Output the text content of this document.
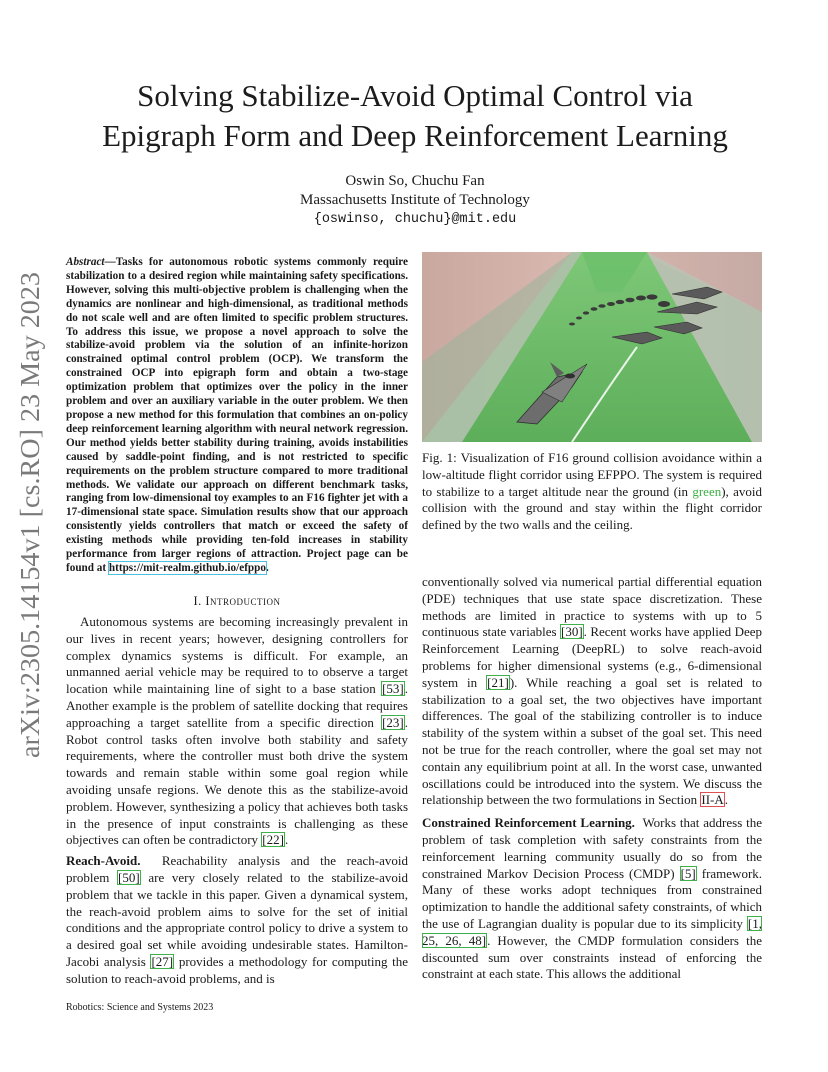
arXiv:2305.14154v1 [cs.RO] 23 May 2023
Solving Stabilize-Avoid Optimal Control via
Epigraph Form and Deep Reinforcement Learning
Oswin So, Chuchu Fan
Massachusetts Institute of Technology
{oswinso, chuchu}@mit.edu
Abstract—Tasks for autonomous robotic systems commonly require stabilization to a desired region while maintaining safety specifications. However, solving this multi-objective problem is challenging when the dynamics are nonlinear and high-dimensional, as traditional methods do not scale well and are often limited to specific problem structures. To address this issue, we propose a novel approach to solve the stabilize-avoid problem via the solution of an infinite-horizon constrained optimal control problem (OCP). We transform the constrained OCP into epigraph form and obtain a two-stage optimization problem that optimizes over the policy in the inner problem and over an auxiliary variable in the outer problem. We then propose a new method for this formulation that combines an on-policy deep reinforcement learning algorithm with neural network regression. Our method yields better stability during training, avoids instabilities caused by saddle-point finding, and is not restricted to specific requirements on the problem structure compared to more traditional methods. We validate our approach on different benchmark tasks, ranging from low-dimensional toy examples to an F16 fighter jet with a 17-dimensional state space. Simulation results show that our approach consistently yields controllers that match or exceed the safety of existing methods while providing ten-fold increases in stability performance from larger regions of attraction. Project page can be found at https://mit-realm.github.io/efppo.
I. Introduction

Autonomous systems are becoming increasingly prevalent in our lives in recent years; however, designing controllers for complex dynamics systems is difficult. For example, an unmanned aerial vehicle may be required to to observe a target location while maintaining line of sight to a base station [53]. Another example is the problem of satellite docking that requires approaching a target satellite from a specific direction [23]. Robot control tasks often involve both stability and safety requirements, where the controller must both drive the system towards and remain stable within some goal region while avoiding unsafe regions. We denote this as the stabilize-avoid problem. However, synthesizing a policy that achieves both tasks in the presence of input constraints is challenging as these objectives can often be contradictory [22].

Reach-Avoid. Reachability analysis and the reach-avoid problem [50] are very closely related to the stabilize-avoid problem that we tackle in this paper. Given a dynamical system, the reach-avoid problem aims to solve for the set of initial conditions and the appropriate control policy to drive a system to a desired goal set while avoiding undesirable states. Hamilton-Jacobi analysis [27] provides a methodology for computing the solution to reach-avoid problems, and is

Fig. 1: Visualization of F16 ground collision avoidance within a low-altitude flight corridor using EFPPO. The system is required to stabilize to a target altitude near the ground (in green), avoid collision with the ground and stay within the flight corridor defined by the two walls and the ceiling.

conventionally solved via numerical partial differential equation (PDE) techniques that use state space discretization. These methods are limited in practice to systems with up to 5 continuous state variables [30]. Recent works have applied Deep Reinforcement Learning (DeepRL) to solve reach-avoid problems for higher dimensional systems (e.g., 6-dimensional system in [21]). While reaching a goal set is related to stabilization to a goal set, the two objectives have important differences. The goal of the stabilizing controller is to induce stability of the system within a subset of the goal set. This need not be true for the reach controller, where the goal set may not contain any equilibrium point at all. In the worst case, unwanted oscillations could be introduced into the system. We discuss the relationship between the two formulations in Section II-A.

Constrained Reinforcement Learning. Works that address the problem of task completion with safety constraints from the reinforcement learning community usually do so from the constrained Markov Decision Process (CMDP) [5] framework. Many of these works adopt techniques from constrained optimization to handle the additional safety constraints, of which the use of Lagrangian duality is popular due to its simplicity [1, 25, 26, 48]. However, the CMDP formulation considers the discounted sum over constraints instead of enforcing the constraint at each state. This allows the additional

Robotics: Science and Systems 2023
